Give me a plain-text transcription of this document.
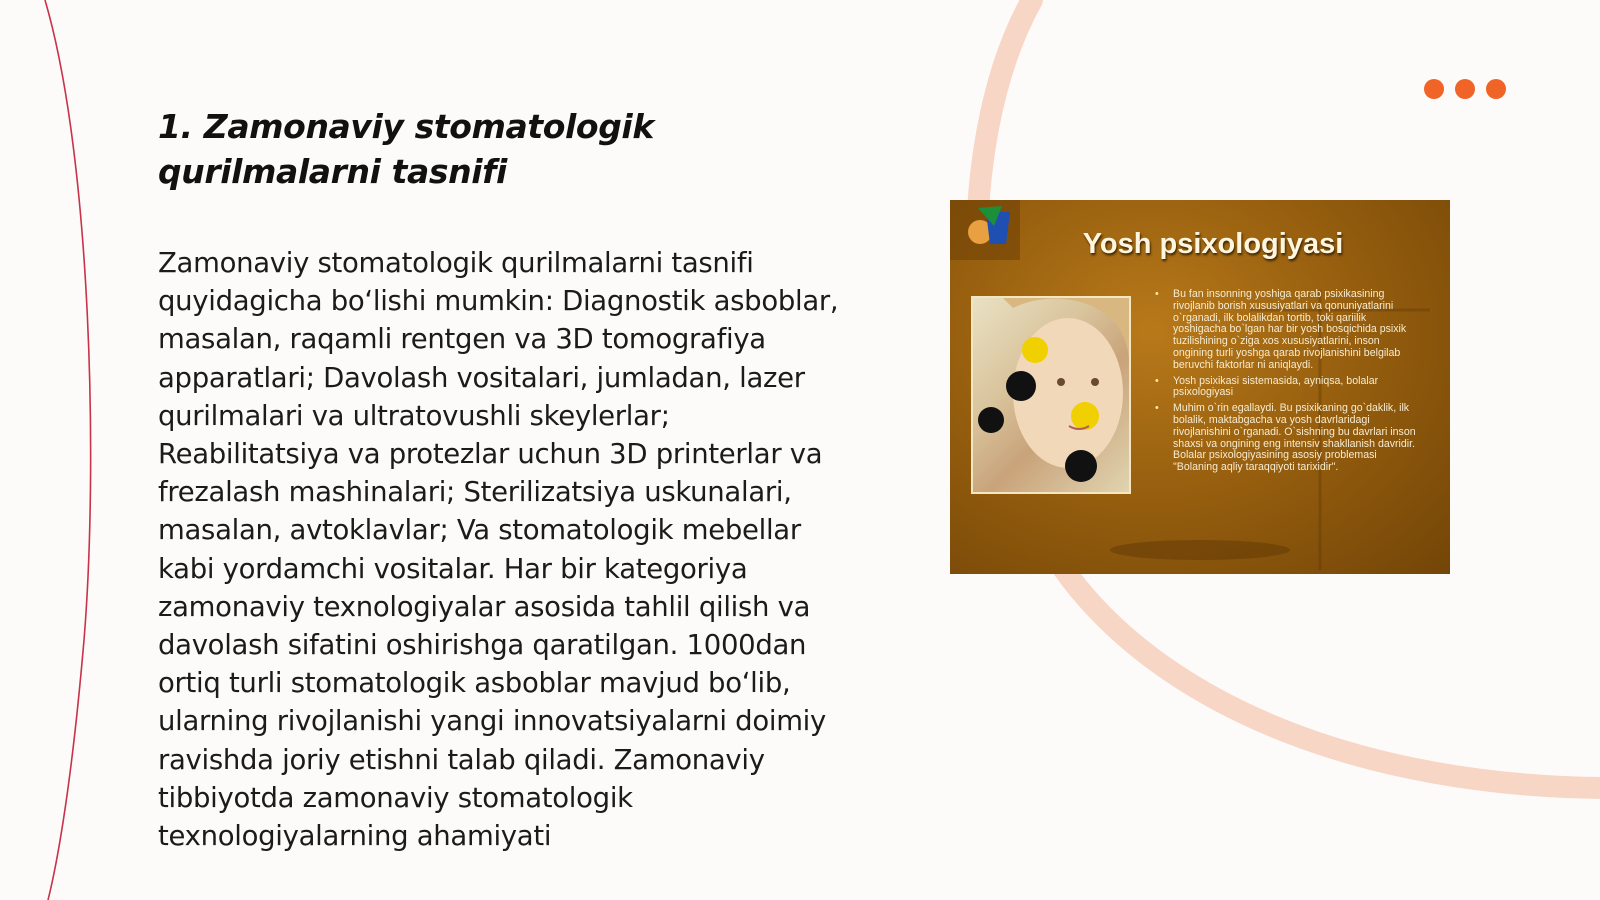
1. Zamonaviy stomatologik qurilmalarni tasnifi
Zamonaviy stomatologik qurilmalarni tasnifi quyidagicha boʻlishi mumkin: Diagnostik asboblar, masalan, raqamli rentgen va 3D tomografiya apparatlari; Davolash vositalari, jumladan, lazer qurilmalari va ultratovushli skeylerlar; Reabilitatsiya va protezlar uchun 3D printerlar va frezalash mashinalari; Sterilizatsiya uskunalari, masalan, avtoklavlar; Va stomatologik mebellar kabi yordamchi vositalar. Har bir kategoriya zamonaviy texnologiyalar asosida tahlil qilish va davolash sifatini oshirishga qaratilgan. 1000dan ortiq turli stomatologik asboblar mavjud boʻlib, ularning rivojlanishi yangi innovatsiyalarni doimiy ravishda joriy etishni talab qiladi. Zamonaviy tibbiyotda zamonaviy stomatologik texnologiyalarning ahamiyati
Yosh psixologiyasi
• Bu fan insonning yoshiga qarab psixikasining rivojlanib borish xususiyatlari va qonuniyatlarini o`rganadi, ilk bolalikdan tortib, toki qariilik yoshigacha bo`lgan har bir yosh bosqichida psixik tuzilishining o`ziga xos xususiyatlarini, inson ongining turli yoshga qarab rivojlanishini belgilab beruvchi faktorlar ni aniqlaydi.
• Yosh psixikasi sistemasida, ayniqsa, bolalar psixologiyasi
• Muhim o`rin egallaydi. Bu psixikaning go`daklik, ilk bolalik, maktabgacha va yosh davrlaridagi rivojlanishini o`rganadi. O`sishning bu davrlari inson shaxsi va ongining eng intensiv shakllanish davridir. Bolalar psixologiyasining asosiy problemasi "Bolaning aqliy taraqqiyoti tarixidir".
